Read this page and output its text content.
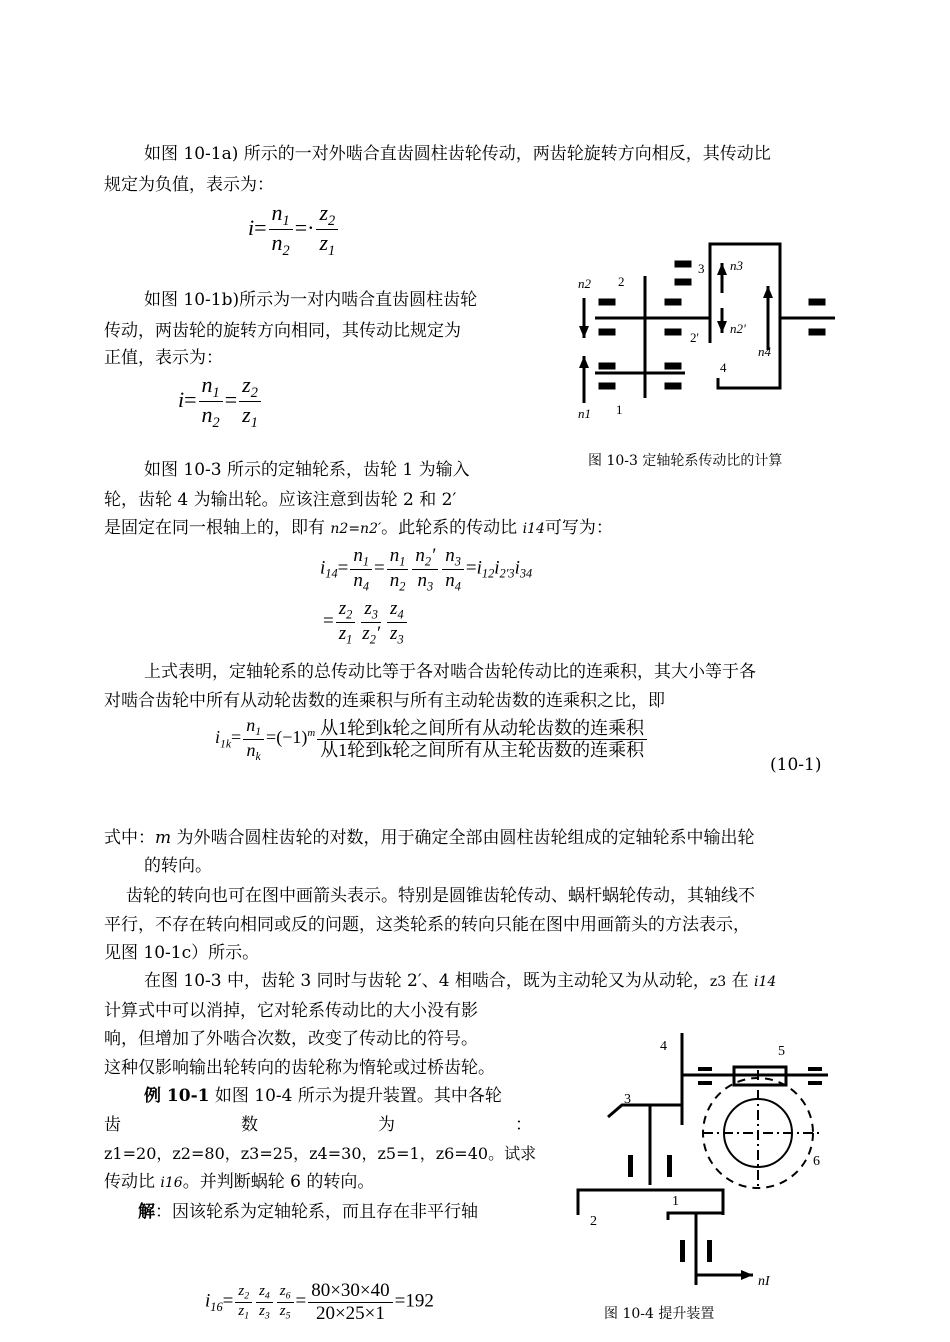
如图 10-1a) 所示的一对外啮合直齿圆柱齿轮传动，两齿轮旋转方向相反，其传动比
规定为负值，表示为：
$i= \frac{n_1}{n_2} =\cdot \frac{z_2}{z_1}$
如图 10-1b)所示为一对内啮合直齿圆柱齿轮
传动，两齿轮的旋转方向相同，其传动比规定为
正值，表示为：
$i= \frac{n_1}{n_2} = \frac{z_2}{z_1}$
n2 2
3 n3
2'
n2'
n4
4
n1 1
图 10-3 定轴轮系传动比的计算
如图 10-3 所示的定轴轮系，齿轮 1 为输入
轮，齿轮 4 为输出轮。应该注意到齿轮 2 和 2′
是固定在同一根轴上的，即有 n2=n2′。此轮系的传动比 i14可写为：
$i_{14}= \frac{n_1}{n_4} = \frac{n_1}{n_2} \frac{n_2'}{n_3} \frac{n_3}{n_4} =i_{12}i_{2'3}i_{34}$
= $\frac{z_2}{z_1} \frac{z_3}{z_2'} \frac{z_4}{z_3}$
上式表明，定轴轮系的总传动比等于各对啮合齿轮传动比的连乘积，其大小等于各
对啮合齿轮中所有从动轮齿数的连乘积与所有主动轮齿数的连乘积之比，即
$i_{1k}= \frac{n_1}{n_k} =(-1)^m \frac{\text{从1轮到k轮之间所有从动轮齿数的连乘积}}{\text{从1轮到k轮之间所有从主轮齿数的连乘积}}$
(10-1)
式中：m 为外啮合圆柱齿轮的对数，用于确定全部由圆柱齿轮组成的定轴轮系中输出轮
的转向。
齿轮的转向也可在图中画箭头表示。特别是圆锥齿轮传动、蜗杆蜗轮传动，其轴线不
平行，不存在转向相同或反的问题，这类轮系的转向只能在图中用画箭头的方法表示，
见图 10-1c）所示。
在图 10-3 中，齿轮 3 同时与齿轮 2′、4 相啮合，既为主动轮又为从动轮，z3 在 i14
计算式中可以消掉，它对轮系传动比的大小没有影
响，但增加了外啮合次数，改变了传动比的符号。
这种仅影响输出轮转向的齿轮称为惰轮或过桥齿轮。
例 10-1 如图 10-4 所示为提升装置。其中各轮
齿	数	为	：
z1=20，z2=80，z3=25，z4=30，z5=1，z6=40。试求
传动比 i16。并判断蜗轮 6 的转向。
解：因该轮系为定轴轮系，而且存在非平行轴
$i_{16}= \frac{z_2}{z_1} \frac{z_4}{z_3} \frac{z_6}{z_5} = \frac{80\times 30\times 40}{20\times 25\times 1} =192$
4	5
3
6
1
2
nI
图 10-4 提升装置
